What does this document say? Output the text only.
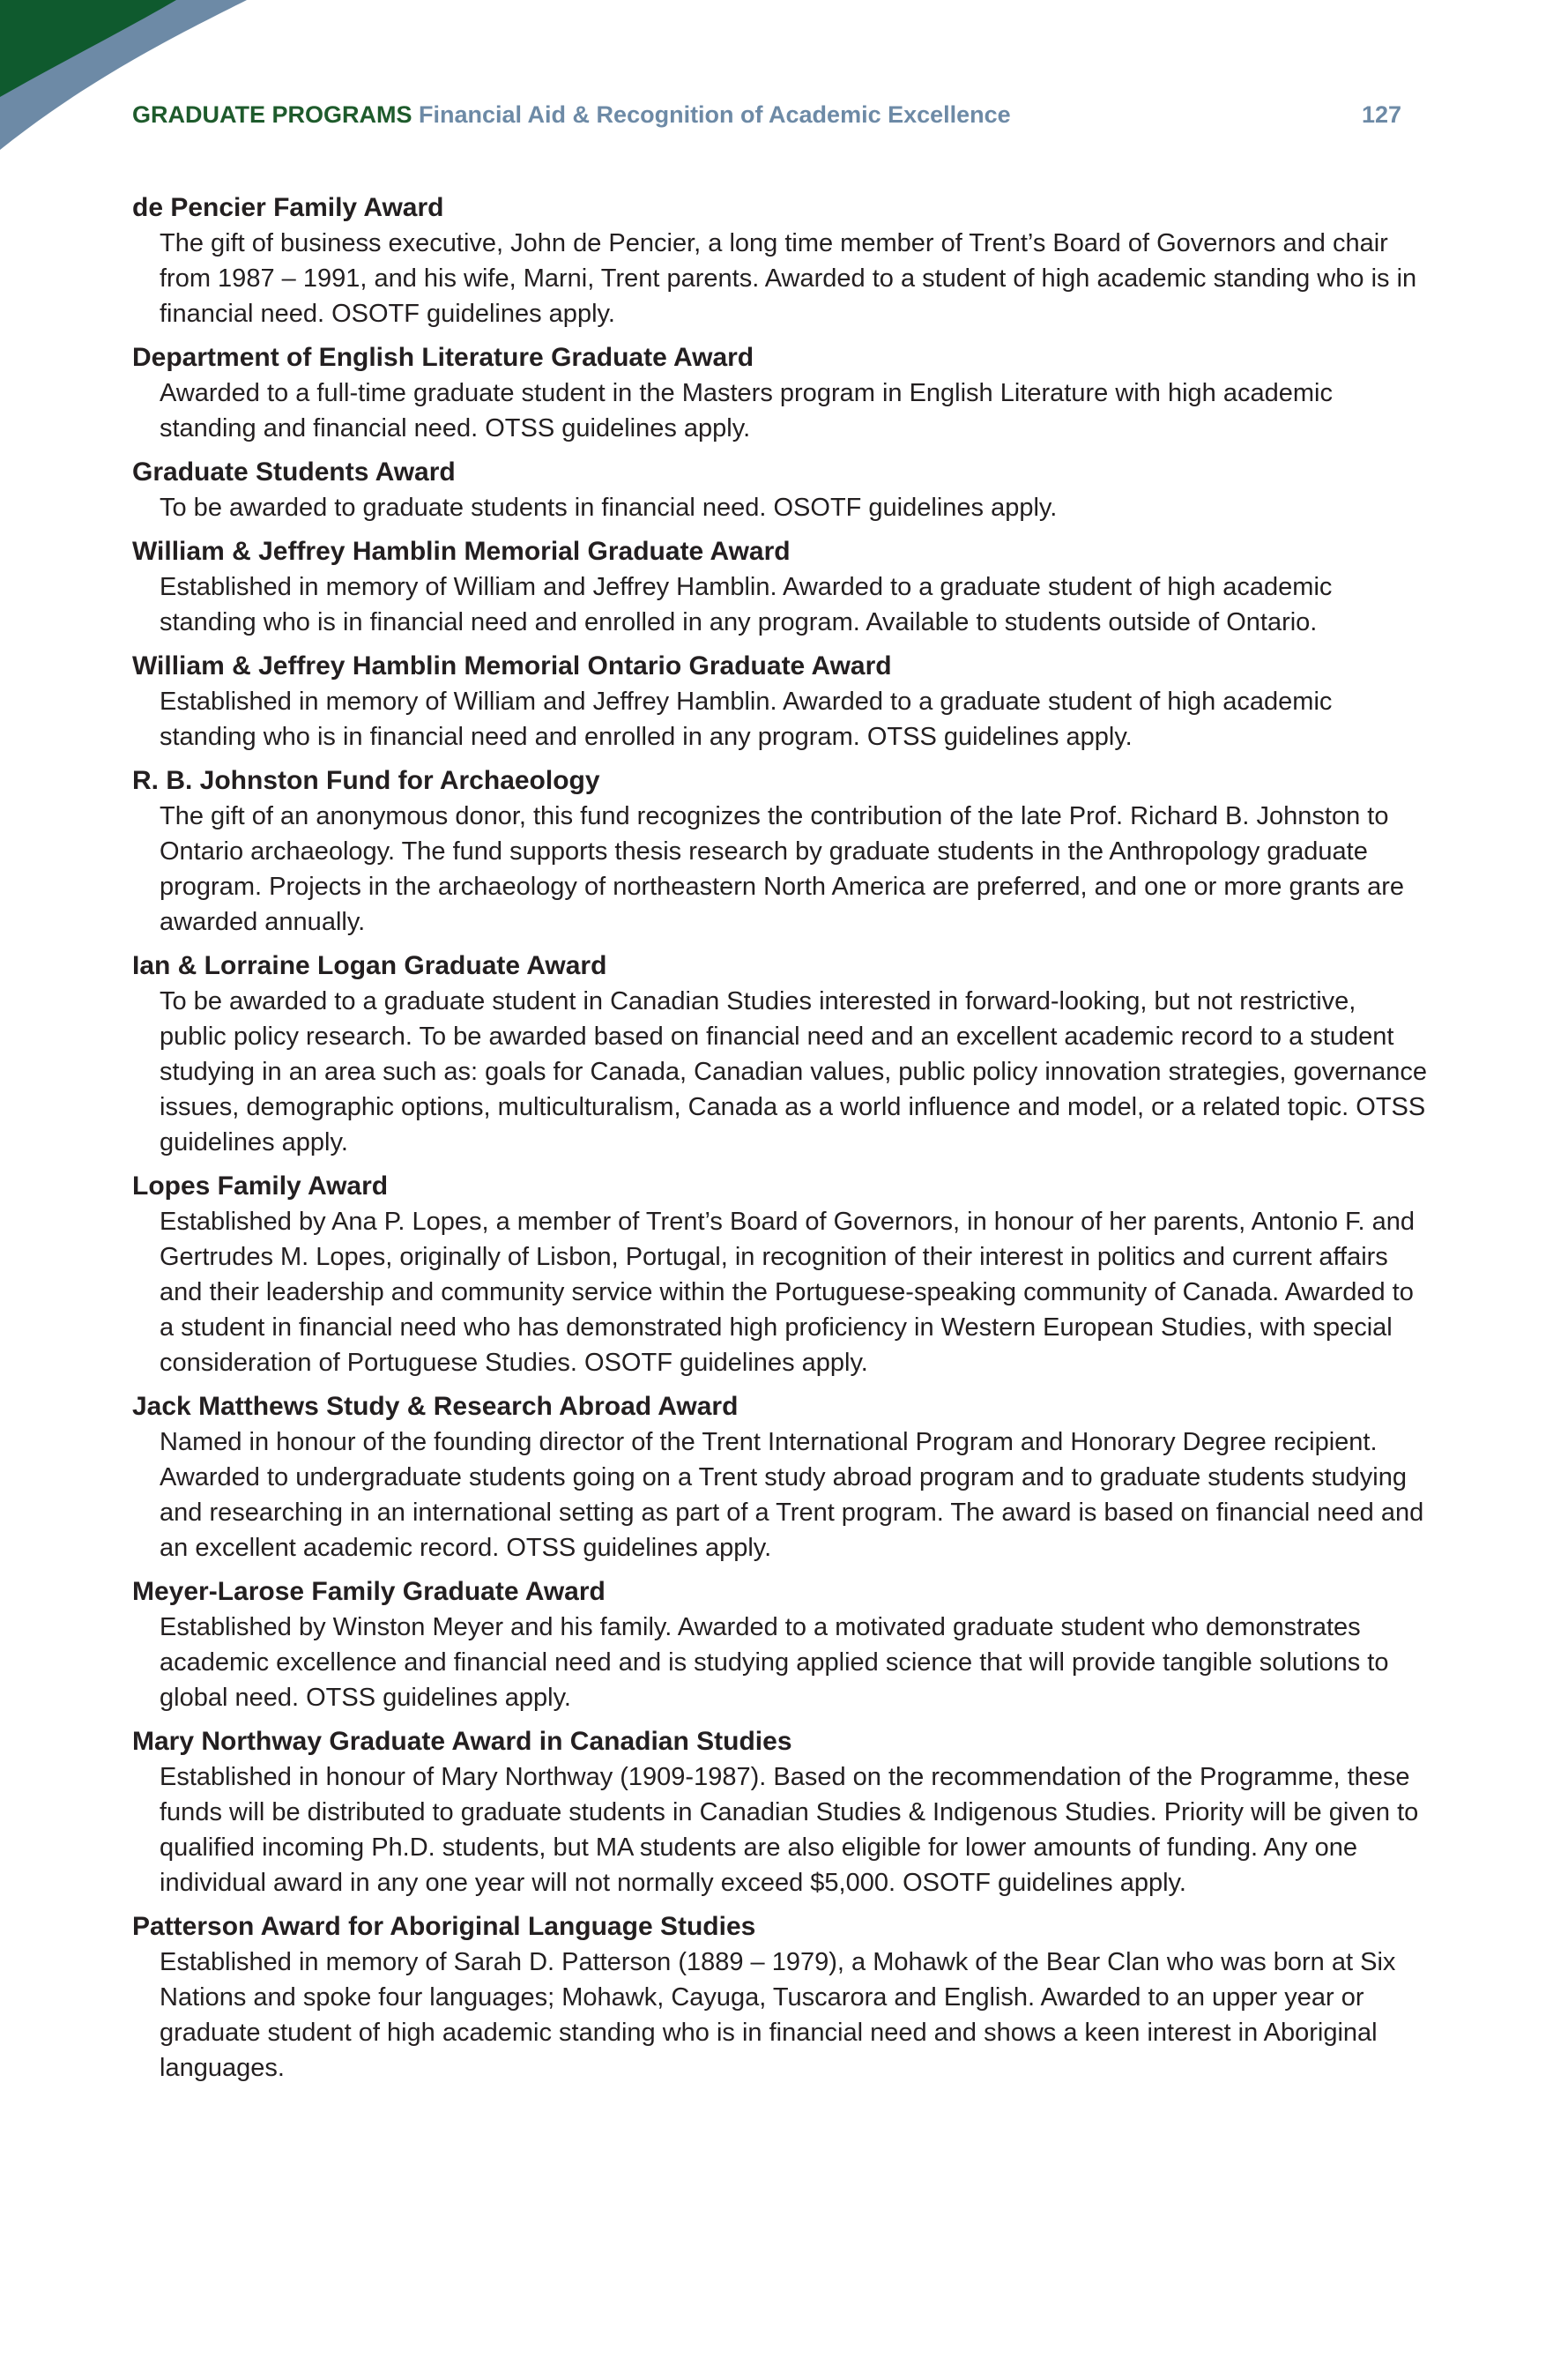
GRADUATE PROGRAMS Financial Aid & Recognition of Academic Excellence	127

de Pencier Family Award

The gift of business executive, John de Pencier, a long time member of Trent’s Board of Governors and chair from 1987 – 1991, and his wife, Marni, Trent parents. Awarded to a student of high academic standing who is in financial need. OSOTF guidelines apply.

Department of English Literature Graduate Award

Awarded to a full-time graduate student in the Masters program in English Literature with high academic standing and financial need. OTSS guidelines apply.

Graduate Students Award

To be awarded to graduate students in financial need. OSOTF guidelines apply.

William & Jeffrey Hamblin Memorial Graduate Award

Established in memory of William and Jeffrey Hamblin. Awarded to a graduate student of high academic standing who is in financial need and enrolled in any program. Available to students outside of Ontario.

William & Jeffrey Hamblin Memorial Ontario Graduate Award

Established in memory of William and Jeffrey Hamblin. Awarded to a graduate student of high academic standing who is in financial need and enrolled in any program. OTSS guidelines apply.

R. B. Johnston Fund for Archaeology

The gift of an anonymous donor, this fund recognizes the contribution of the late Prof. Richard B. Johnston to Ontario archaeology. The fund supports thesis research by graduate students in the Anthropology graduate program. Projects in the archaeology of northeastern North America are preferred, and one or more grants are awarded annually.

Ian & Lorraine Logan Graduate Award

To be awarded to a graduate student in Canadian Studies interested in forward-looking, but not restrictive, public policy research. To be awarded based on financial need and an excellent academic record to a student studying in an area such as: goals for Canada, Canadian values, public policy innovation strategies, governance issues, demographic options, multiculturalism, Canada as a world influence and model, or a related topic. OTSS guidelines apply.

Lopes Family Award

Established by Ana P. Lopes, a member of Trent’s Board of Governors, in honour of her parents, Antonio F. and Gertrudes M. Lopes, originally of Lisbon, Portugal, in recognition of their interest in politics and current affairs and their leadership and community service within the Portuguese-speaking community of Canada. Awarded to a student in financial need who has demonstrated high proficiency in Western European Studies, with special consideration of Portuguese Studies. OSOTF guidelines apply.

Jack Matthews Study & Research Abroad Award

Named in honour of the founding director of the Trent International Program and Honorary Degree recipient. Awarded to undergraduate students going on a Trent study abroad program and to graduate students studying and researching in an international setting as part of a Trent program. The award is based on financial need and an excellent academic record. OTSS guidelines apply.

Meyer-Larose Family Graduate Award

Established by Winston Meyer and his family. Awarded to a motivated graduate student who demonstrates academic excellence and financial need and is studying applied science that will provide tangible solutions to global need. OTSS guidelines apply.

Mary Northway Graduate Award in Canadian Studies

Established in honour of Mary Northway (1909-1987). Based on the recommendation of the Programme, these funds will be distributed to graduate students in Canadian Studies & Indigenous Studies. Priority will be given to qualified incoming Ph.D. students, but MA students are also eligible for lower amounts of funding. Any one individual award in any one year will not normally exceed $5,000. OSOTF guidelines apply.

Patterson Award for Aboriginal Language Studies

Established in memory of Sarah D. Patterson (1889 – 1979), a Mohawk of the Bear Clan who was born at Six Nations and spoke four languages; Mohawk, Cayuga, Tuscarora and English. Awarded to an upper year or graduate student of high academic standing who is in financial need and shows a keen interest in Aboriginal languages.
